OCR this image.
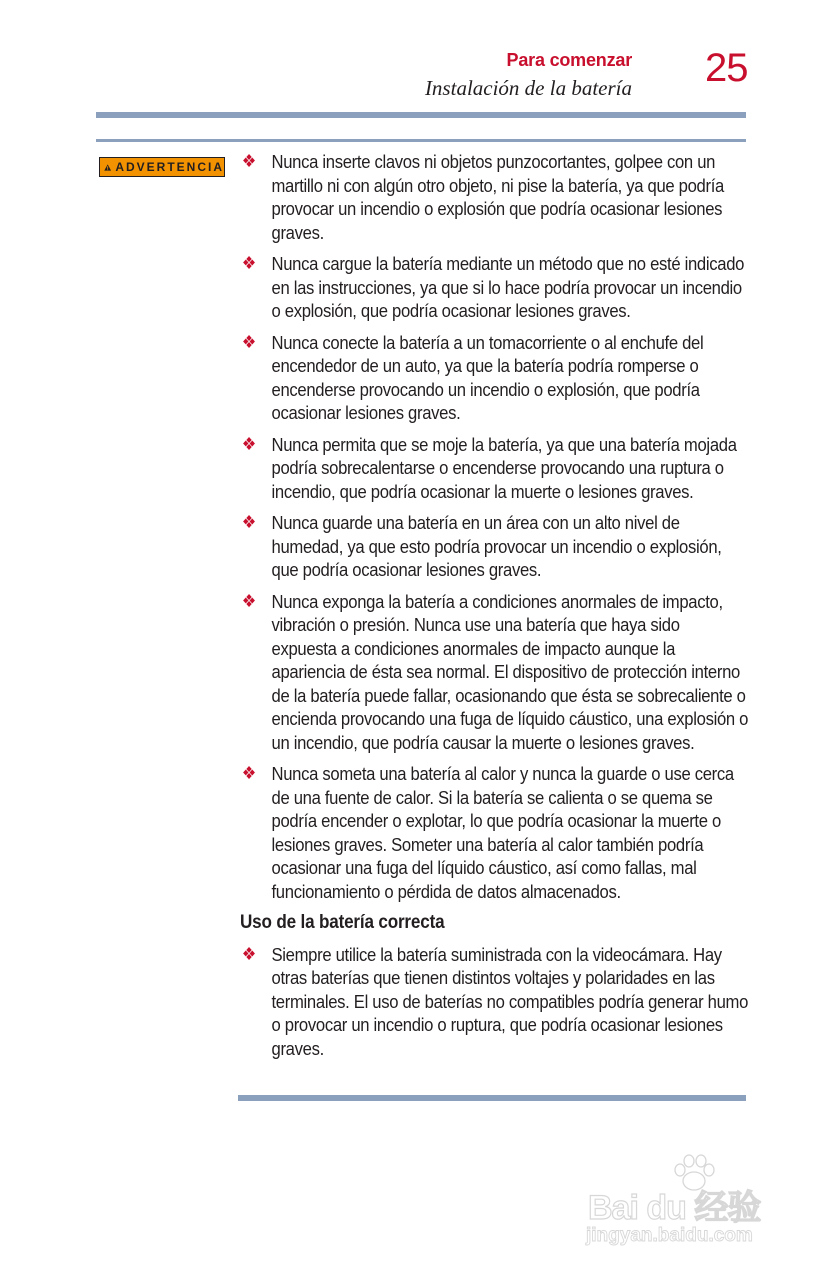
Para comenzar
Instalación de la batería 25
ADVERTENCIA ❖ Nunca inserte clavos ni objetos punzocortantes, golpee con un martillo ni con algún otro objeto, ni pise la batería, ya que podría provocar un incendio o explosión que podría ocasionar lesiones graves.
❖ Nunca cargue la batería mediante un método que no esté indicado en las instrucciones, ya que si lo hace podría provocar un incendio o explosión, que podría ocasionar lesiones graves.
❖ Nunca conecte la batería a un tomacorriente o al enchufe del encendedor de un auto, ya que la batería podría romperse o encenderse provocando un incendio o explosión, que podría ocasionar lesiones graves.
❖ Nunca permita que se moje la batería, ya que una batería mojada podría sobrecalentarse o encenderse provocando una ruptura o incendio, que podría ocasionar la muerte o lesiones graves.
❖ Nunca guarde una batería en un área con un alto nivel de humedad, ya que esto podría provocar un incendio o explosión, que podría ocasionar lesiones graves.
❖ Nunca exponga la batería a condiciones anormales de impacto, vibración o presión. Nunca use una batería que haya sido expuesta a condiciones anormales de impacto aunque la apariencia de ésta sea normal. El dispositivo de protección interno de la batería puede fallar, ocasionando que ésta se sobrecaliente o encienda provocando una fuga de líquido cáustico, una explosión o un incendio, que podría causar la muerte o lesiones graves.
❖ Nunca someta una batería al calor y nunca la guarde o use cerca de una fuente de calor. Si la batería se calienta o se quema se podría encender o explotar, lo que podría ocasionar la muerte o lesiones graves. Someter una batería al calor también podría ocasionar una fuga del líquido cáustico, así como fallas, mal funcionamiento o pérdida de datos almacenados.
Uso de la batería correcta
❖ Siempre utilice la batería suministrada con la videocámara. Hay otras baterías que tienen distintos voltajes y polaridades en las terminales. El uso de baterías no compatibles podría generar humo o provocar un incendio o ruptura, que podría ocasionar lesiones graves.
Bai du 经验
jingyan.baidu.com
